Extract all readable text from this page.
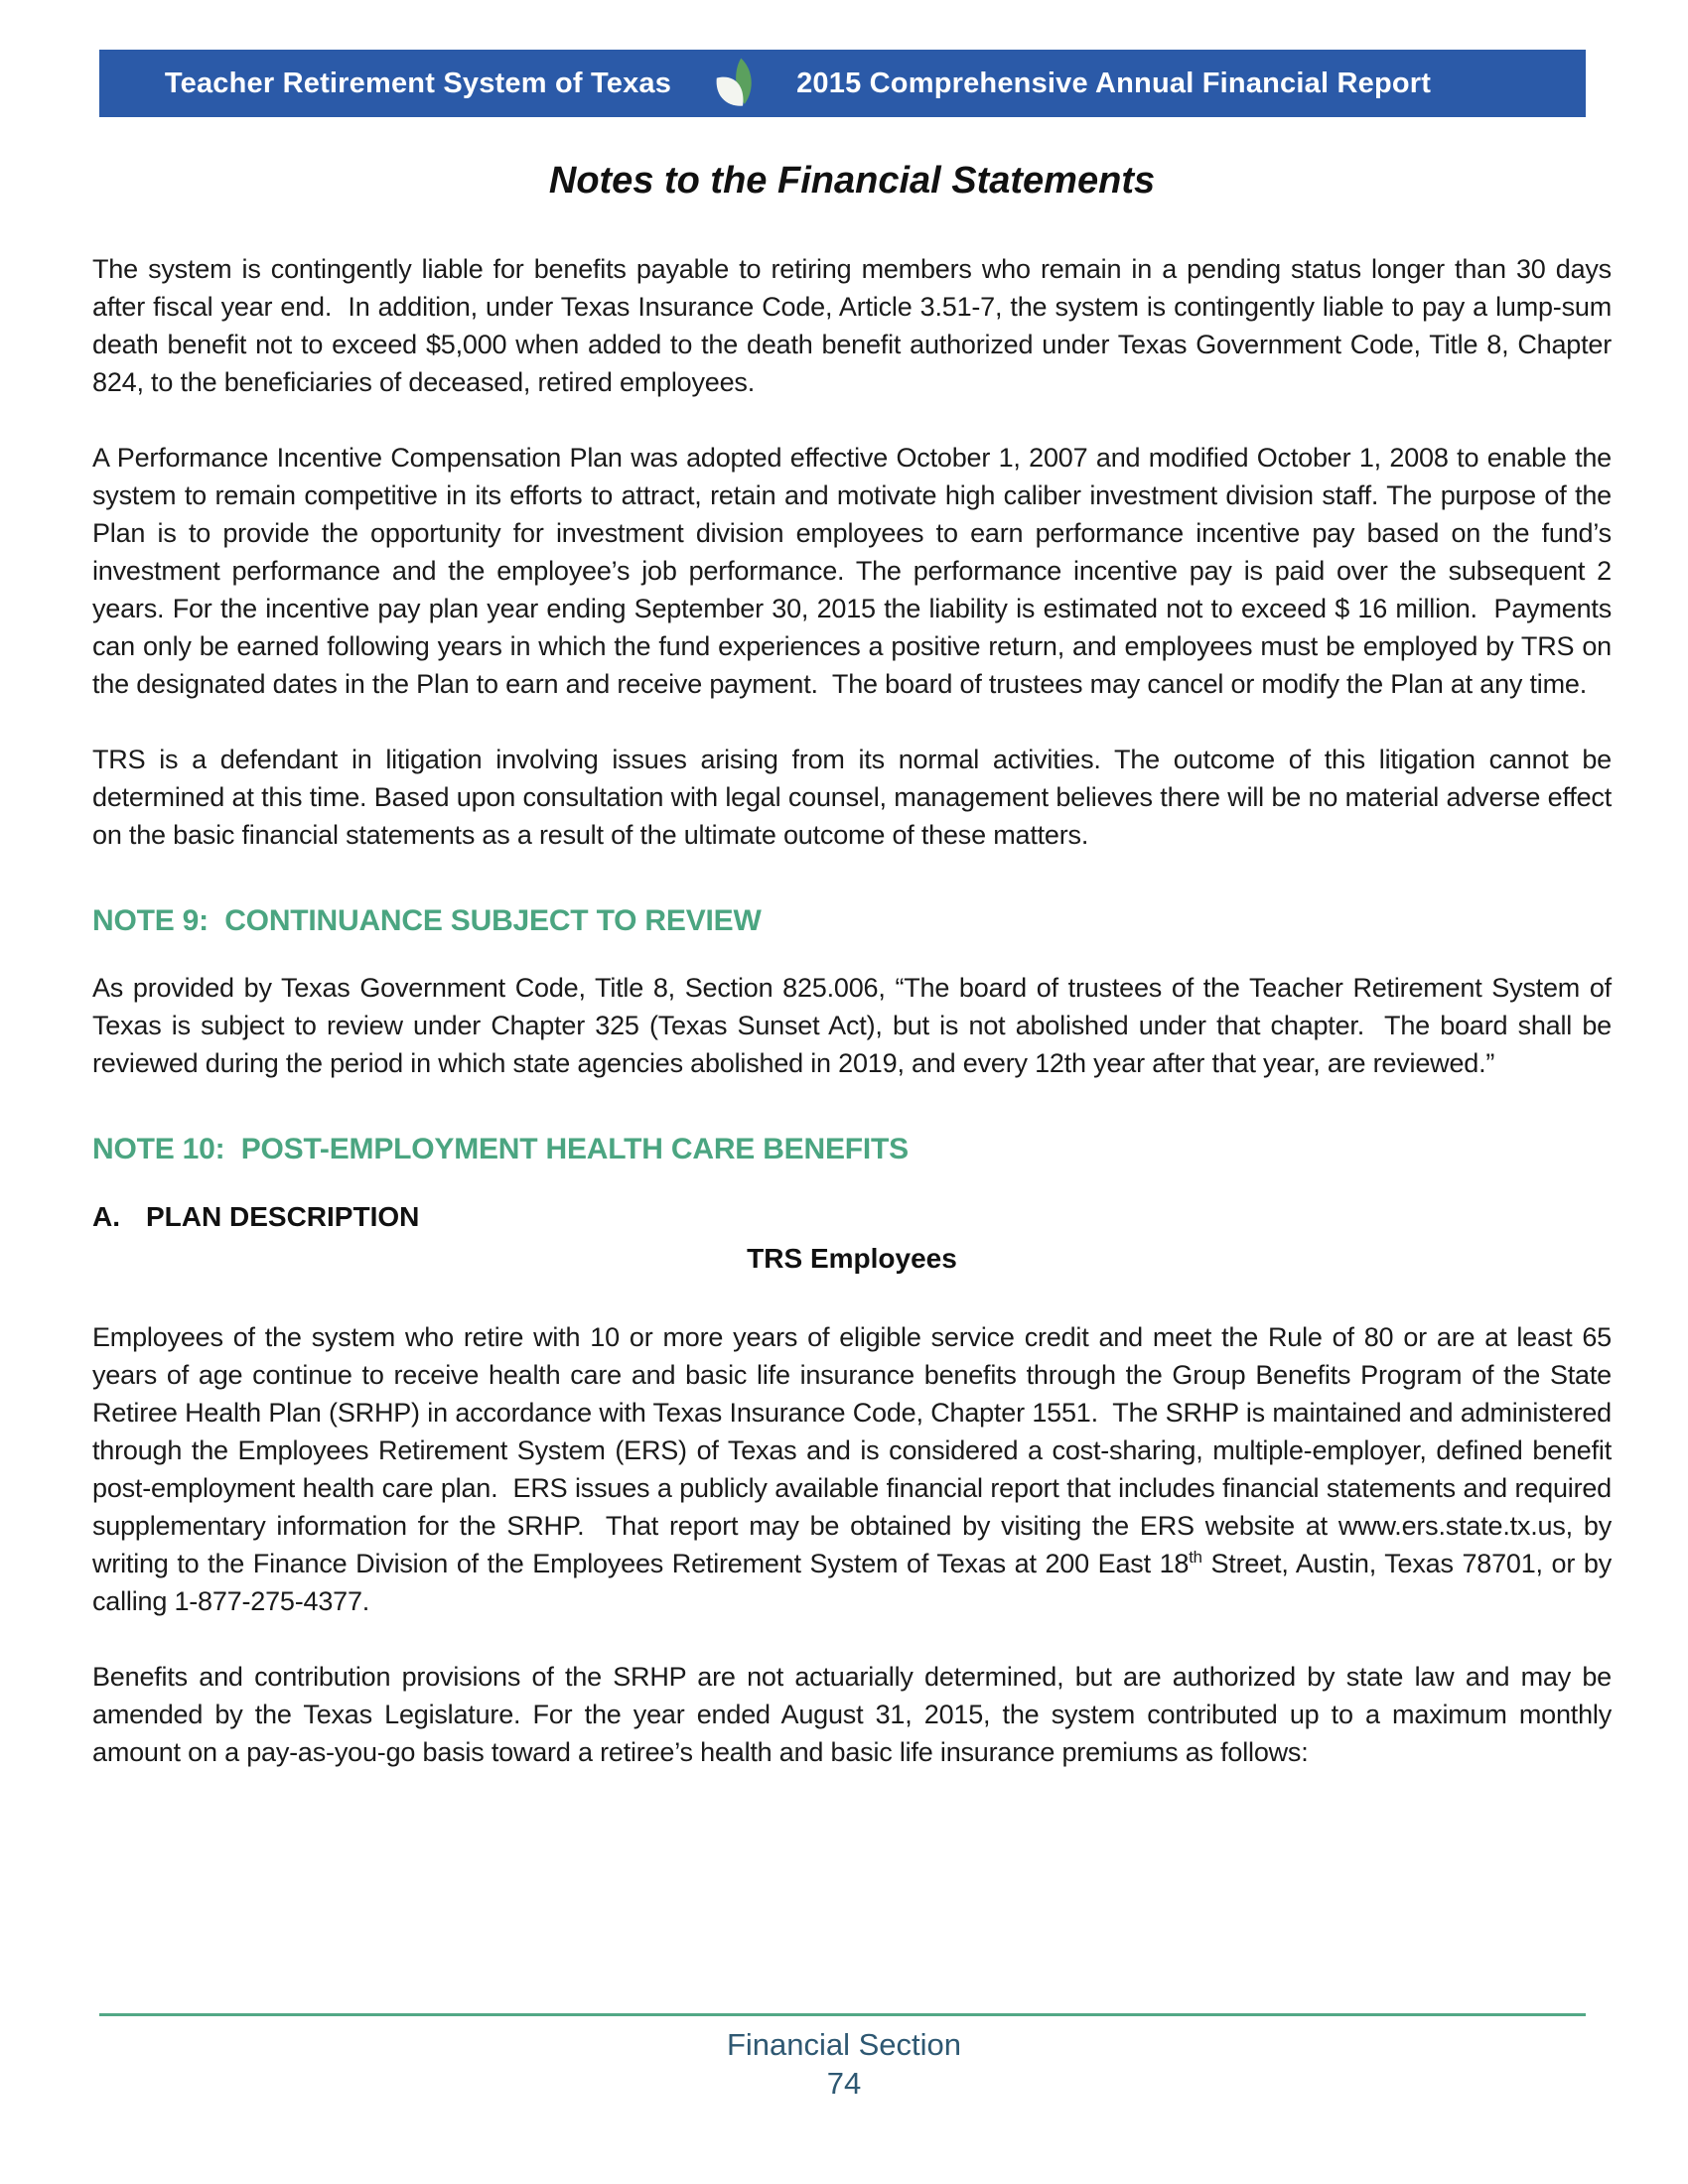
Teacher Retirement System of Texas	2015 Comprehensive Annual Financial Report
Notes to the Financial Statements

The system is contingently liable for benefits payable to retiring members who remain in a pending status longer than 30 days after fiscal year end.  In addition, under Texas Insurance Code, Article 3.51-7, the system is contingently liable to pay a lump-sum death benefit not to exceed $5,000 when added to the death benefit authorized under Texas Government Code, Title 8, Chapter 824, to the beneficiaries of deceased, retired employees.

A Performance Incentive Compensation Plan was adopted effective October 1, 2007 and modified October 1, 2008 to enable the system to remain competitive in its efforts to attract, retain and motivate high caliber investment division staff. The purpose of the Plan is to provide the opportunity for investment division employees to earn performance incentive pay based on the fund’s investment performance and the employee’s job performance. The performance incentive pay is paid over the subsequent 2 years. For the incentive pay plan year ending September 30, 2015 the liability is estimated not to exceed $ 16 million.  Payments can only be earned following years in which the fund experiences a positive return, and employees must be employed by TRS on the designated dates in the Plan to earn and receive payment.  The board of trustees may cancel or modify the Plan at any time.

TRS is a defendant in litigation involving issues arising from its normal activities. The outcome of this litigation cannot be determined at this time. Based upon consultation with legal counsel, management believes there will be no material adverse effect on the basic financial statements as a result of the ultimate outcome of these matters.

NOTE 9:  CONTINUANCE SUBJECT TO REVIEW

As provided by Texas Government Code, Title 8, Section 825.006, “The board of trustees of the Teacher Retirement System of Texas is subject to review under Chapter 325 (Texas Sunset Act), but is not abolished under that chapter.  The board shall be reviewed during the period in which state agencies abolished in 2019, and every 12th year after that year, are reviewed.”

NOTE 10:  POST-EMPLOYMENT HEALTH CARE BENEFITS
A. PLAN DESCRIPTION
TRS Employees

Employees of the system who retire with 10 or more years of eligible service credit and meet the Rule of 80 or are at least 65 years of age continue to receive health care and basic life insurance benefits through the Group Benefits Program of the State Retiree Health Plan (SRHP) in accordance with Texas Insurance Code, Chapter 1551.  The SRHP is maintained and administered through the Employees Retirement System (ERS) of Texas and is considered a cost-sharing, multiple-employer, defined benefit post-employment health care plan.  ERS issues a publicly available financial report that includes financial statements and required supplementary information for the SRHP.  That report may be obtained by visiting the ERS website at www.ers.state.tx.us, by writing to the Finance Division of the Employees Retirement System of Texas at 200 East 18th Street, Austin, Texas 78701, or by calling 1-877-275-4377.

Benefits and contribution provisions of the SRHP are not actuarially determined, but are authorized by state law and may be amended by the Texas Legislature. For the year ended August 31, 2015, the system contributed up to a maximum monthly amount on a pay-as-you-go basis toward a retiree’s health and basic life insurance premiums as follows:

Financial Section
74
